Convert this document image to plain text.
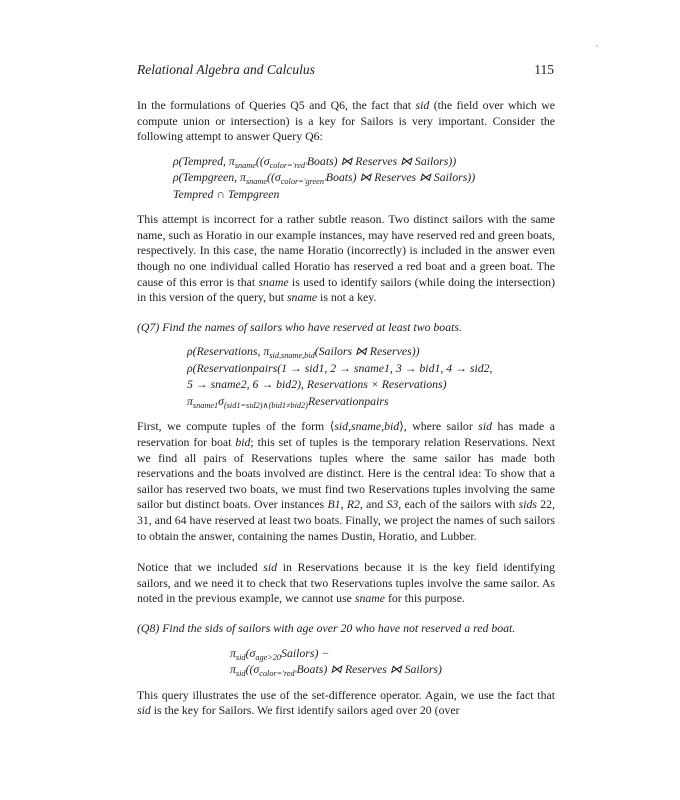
Relational Algebra and Calculus	115

In the formulations of Queries Q5 and Q6, the fact that sid (the field over which we compute union or intersection) is a key for Sailors is very important. Consider the following attempt to answer Query Q6:

ρ(Tempred, $\pi_{sname}((\sigma_{color='red'}Boats)$ ⋈ Reserves ⋈ Sailors))
ρ(Tempgreen, $\pi_{sname}((\sigma_{color='green'}Boats)$ ⋈ Reserves ⋈ Sailors))
Tempred ∩ Tempgreen

This attempt is incorrect for a rather subtle reason. Two distinct sailors with the same name, such as Horatio in our example instances, may have reserved red and green boats, respectively. In this case, the name Horatio (incorrectly) is included in the answer even though no one individual called Horatio has reserved a red boat and a green boat. The cause of this error is that sname is used to identify sailors (while doing the intersection) in this version of the query, but sname is not a key.

(Q7) Find the names of sailors who have reserved at least two boats.
ρ(Reservations, $\pi_{sid,sname,bid}(Sailors$ ⋈ Reserves))
ρ(Reservationpairs(1 → sid1, 2 → sname1, 3 → bid1, 4 → sid2,
5 → sname2, 6 → bid2), Reservations × Reservations)
$\pi_{sname1}\sigma_{(sid1=sid2)\wedge(bid1\ne bid2)}Reservationpairs$

First, we compute tuples of the form ⟨sid,sname,bid⟩, where sailor sid has made a reservation for boat bid; this set of tuples is the temporary relation Reservations. Next we find all pairs of Reservations tuples where the same sailor has made both reservations and the boats involved are distinct. Here is the central idea: To show that a sailor has reserved two boats, we must find two Reservations tuples involving the same sailor but distinct boats. Over instances B1, R2, and S3, each of the sailors with sids 22, 31, and 64 have reserved at least two boats. Finally, we project the names of such sailors to obtain the answer, containing the names Dustin, Horatio, and Lubber.

Notice that we included sid in Reservations because it is the key field identifying sailors, and we need it to check that two Reservations tuples involve the same sailor. As noted in the previous example, we cannot use sname for this purpose.

(Q8) Find the sids of sailors with age over 20 who have not reserved a red boat.
$\pi_{sid}(\sigma_{age>20}Sailors)$ −
$\pi_{sid}((\sigma_{color='red'}Boats)$ ⋈ Reserves ⋈ Sailors)

This query illustrates the use of the set-difference operator. Again, we use the fact that sid is the key for Sailors. We first identify sailors aged over 20 (over
